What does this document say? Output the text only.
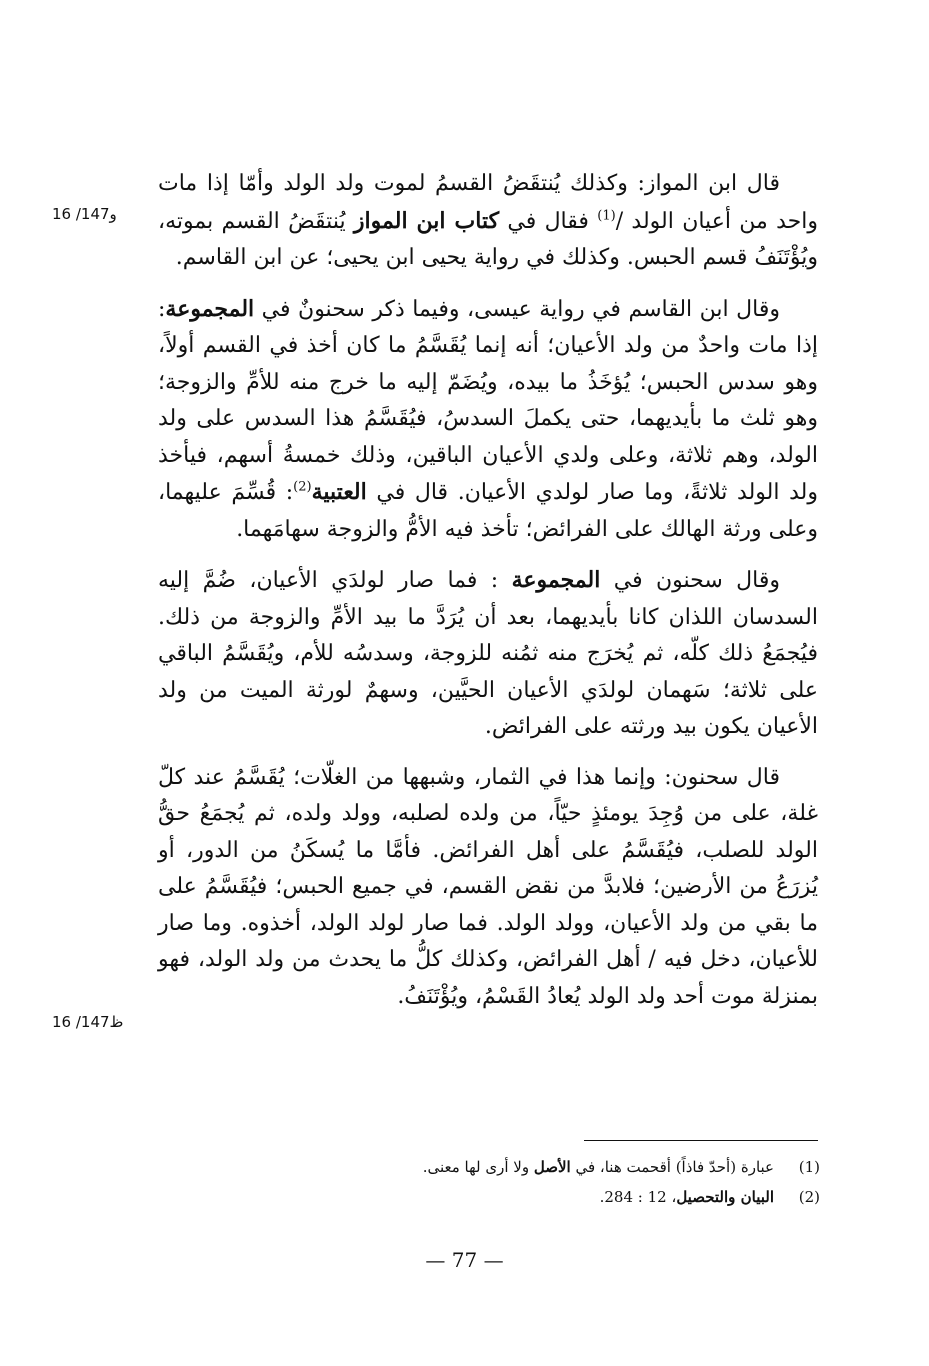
قال ابن المواز: وكذلك يُنتقَضُ القسمُ لموت ولد الولد وأمّا إذا مات واحد من أعيان الولد /$^{(1)}$ فقال في كتاب ابن المواز يُنتقَضُ القسم بموته، ويُؤْتَنَفُ قسم الحبس. وكذلك في رواية يحيى ابن يحيى؛ عن ابن القاسم.

وقال ابن القاسم في رواية عيسى، وفيما ذكر سحنونٌ في المجموعة: إذا مات واحدٌ من ولد الأعيان؛ أنه إنما يُقَسَّمُ ما كان أخذ في القسم أولاً، وهو سدس الحبس؛ يُؤخَذُ ما بيده، ويُضَمّ إليه ما خرج منه للأمِّ والزوجة؛ وهو ثلث ما بأيديهما، حتى يكملَ السدسُ، فيُقَسَّمُ هذا السدس على ولد الولد، وهم ثلاثة، وعلى ولدي الأعيان الباقين، وذلك خمسةُ أسهم، فيأخذ ولد الولد ثلاثةً، وما صار لولدي الأعيان. قال في العتبية$^{(2)}$: قُسِّمَ عليهما، وعلى ورثة الهالك على الفرائض؛ تأخذ فيه الأمُّ والزوجة سهامَهما.

وقال سحنون في المجموعة : فما صار لولدَي الأعيان، ضُمَّ إليه السدسان اللذان كانا بأيديهما، بعد أن يُرَدَّ ما بيد الأمِّ والزوجة من ذلك. فيُجمَعُ ذلك كلّه، ثم يُخرَج منه ثمُنه للزوجة، وسدسُه للأم، ويُقَسَّمُ الباقي على ثلاثة؛ سَهمان لولدَي الأعيان الحيَّين، وسهمٌ لورثة الميت من ولد الأعيان يكون بيد ورثته على الفرائض.

قال سحنون: وإنما هذا في الثمار، وشبهها من الغلّات؛ يُقَسَّمُ عند كلّ غلة، على من وُجِدَ يومئذٍ حيّاً، من ولده لصلبه، وولد ولده، ثم يُجمَعُ حقُّ الولد للصلب، فيُقَسَّمُ على أهل الفرائض. فأمَّا ما يُسكَنُ من الدور، أو يُزرَعُ من الأرضين؛ فلابدَّ من نقض القسم، في جميع الحبس؛ فيُقَسَّمُ على ما بقي من ولد الأعيان، وولد الولد. فما صار لولد الولد، أخذوه. وما صار للأعيان، دخل فيه / أهل الفرائض، وكذلك كلُّ ما يحدث من ولد الولد، فهو بمنزلة موت أحد ولد الولد يُعادُ القَسْمُ، ويُؤْتَنَفُ.

16 /147و
16 /147ظ
(1)عبارة (أحدّ فاذاً) أقحمت هنا، في الأصل ولا أرى لها معنى.
(2)البيان والتحصيل، 12 : 284.
— 77 —
